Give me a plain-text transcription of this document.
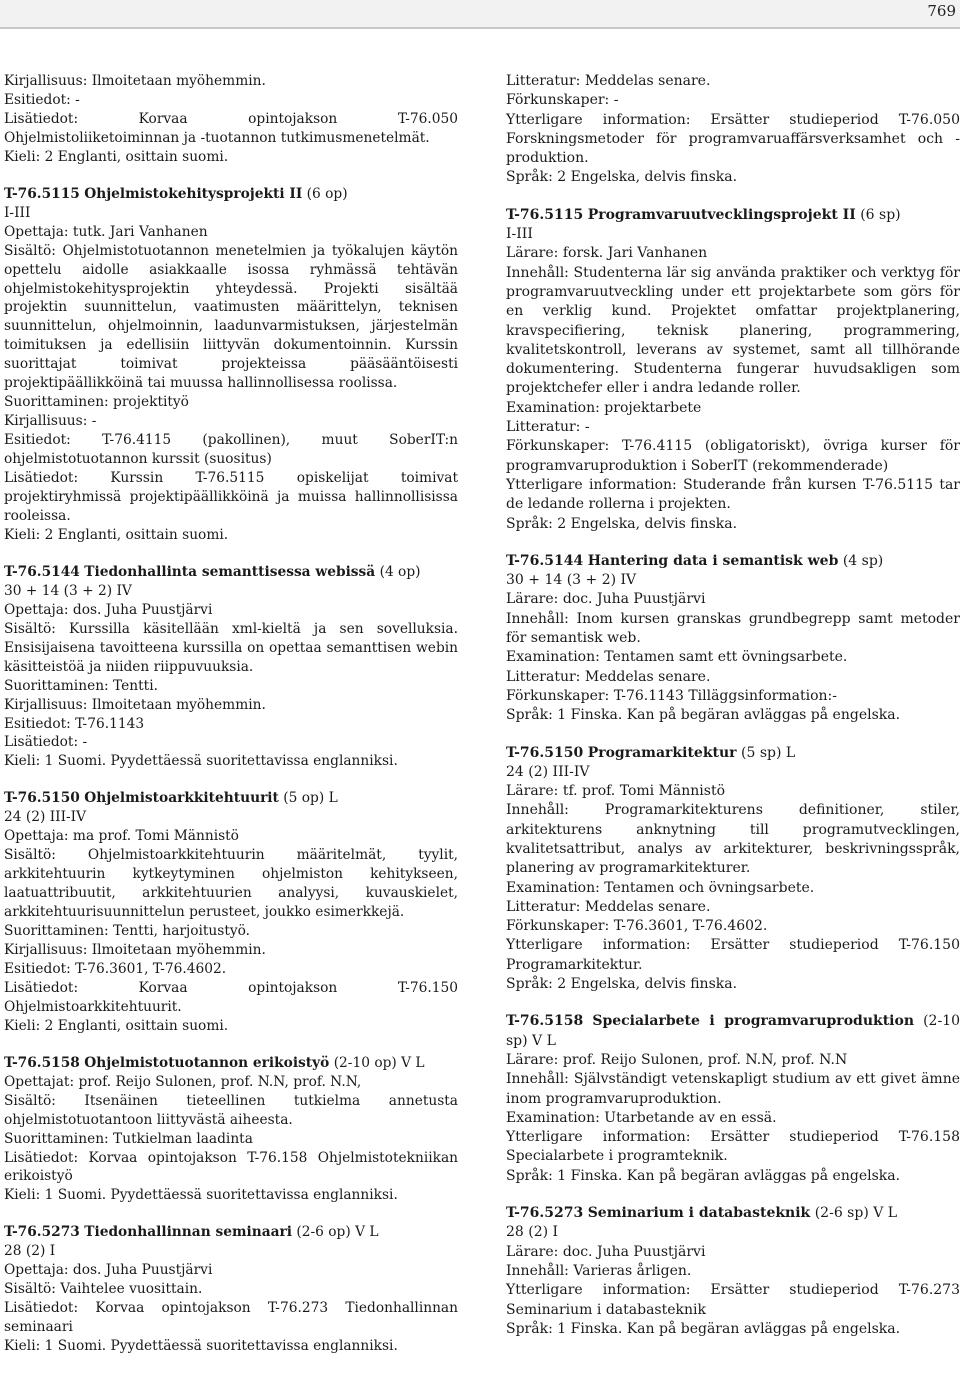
769
Kirjallisuus: Ilmoitetaan myöhemmin.
Esitiedot: -
Lisätiedot: Korvaa opintojakson T-76.050 Ohjelmistoliiketoiminnan ja -tuotannon tutkimusmenetelmät.
Kieli: 2 Englanti, osittain suomi.
T-76.5115 Ohjelmistokehitysprojekti II (6 op)
I-III
Opettaja: tutk. Jari Vanhanen
Sisältö: Ohjelmistotuotannon menetelmien ja työkalujen käytön opettelu aidolle asiakkaalle isossa ryhmässä tehtävän ohjelmistokehitysprojektin yhteydessä. Projekti sisältää projektin suunnittelun, vaatimusten määrittelyn, teknisen suunnittelun, ohjelmoinnin, laadunvarmistuksen, järjestelmän toimituksen ja edellisiin liittyvän dokumentoinnin. Kurssin suorittajat toimivat projekteissa pääsääntöisesti projektipäällikköinä tai muussa hallinnollisessa roolissa.
Suorittaminen: projektityö
Kirjallisuus: -
Esitiedot: T-76.4115 (pakollinen), muut SoberIT:n ohjelmistotuotannon kurssit (suositus)
Lisätiedot: Kurssin T-76.5115 opiskelijat toimivat projektiryhmissä projektipäällikköinä ja muissa hallinnollisissa rooleissa.
Kieli: 2 Englanti, osittain suomi.
T-76.5144 Tiedonhallinta semanttisessa webissä (4 op)
30 + 14 (3 + 2) IV
Opettaja: dos. Juha Puustjärvi
Sisältö: Kurssilla käsitellään xml-kieltä ja sen sovelluksia. Ensisijaisena tavoitteena kurssilla on opettaa semanttisen webin käsitteistöä ja niiden riippuvuuksia.
Suorittaminen: Tentti.
Kirjallisuus: Ilmoitetaan myöhemmin.
Esitiedot: T-76.1143
Lisätiedot: -
Kieli: 1 Suomi. Pyydettäessä suoritettavissa englanniksi.
T-76.5150 Ohjelmistoarkkitehtuurit (5 op) L
24 (2) III-IV
Opettaja: ma prof. Tomi Männistö
Sisältö: Ohjelmistoarkkitehtuurin määritelmät, tyylit, arkkitehtuurin kytkeytyminen ohjelmiston kehitykseen, laatuattribuutit, arkkitehtuurien analyysi, kuvauskielet, arkkitehtuurisuunnittelun perusteet, joukko esimerkkejä.
Suorittaminen: Tentti, harjoitustyö.
Kirjallisuus: Ilmoitetaan myöhemmin.
Esitiedot: T-76.3601, T-76.4602.
Lisätiedot: Korvaa opintojakson T-76.150 Ohjelmistoarkkitehtuurit.
Kieli: 2 Englanti, osittain suomi.
T-76.5158 Ohjelmistotuotannon erikoistyö (2-10 op) V L
Opettajat: prof. Reijo Sulonen, prof. N.N, prof. N.N,
Sisältö: Itsenäinen tieteellinen tutkielma annetusta ohjelmistotuotantoon liittyvästä aiheesta.
Suorittaminen: Tutkielman laadinta
Lisätiedot: Korvaa opintojakson T-76.158 Ohjelmistotekniikan erikoistyö
Kieli: 1 Suomi. Pyydettäessä suoritettavissa englanniksi.
T-76.5273 Tiedonhallinnan seminaari (2-6 op) V L
28 (2) I
Opettaja: dos. Juha Puustjärvi
Sisältö: Vaihtelee vuosittain.
Lisätiedot: Korvaa opintojakson T-76.273 Tiedonhallinnan seminaari
Kieli: 1 Suomi. Pyydettäessä suoritettavissa englanniksi.
Litteratur: Meddelas senare.
Förkunskaper: -
Ytterligare information: Ersätter studieperiod T-76.050 Forskningsmetoder för programvaruaffärsverksamhet och -produktion.
Språk: 2 Engelska, delvis finska.
T-76.5115 Programvaruutvecklingsprojekt II (6 sp)
I-III
Lärare: forsk. Jari Vanhanen
Innehåll: Studenterna lär sig använda praktiker och verktyg för programvaruutveckling under ett projektarbete som görs för en verklig kund. Projektet omfattar projektplanering, kravspecifiering, teknisk planering, programmering, kvalitetskontroll, leverans av systemet, samt all tillhörande dokumentering. Studenterna fungerar huvudsakligen som projektchefer eller i andra ledande roller.
Examination: projektarbete
Litteratur: -
Förkunskaper: T-76.4115 (obligatoriskt), övriga kurser för programvaruproduktion i SoberIT (rekommenderade)
Ytterligare information: Studerande från kursen T-76.5115 tar de ledande rollerna i projekten.
Språk: 2 Engelska, delvis finska.
T-76.5144 Hantering data i semantisk web (4 sp)
30 + 14 (3 + 2) IV
Lärare: doc. Juha Puustjärvi
Innehåll: Inom kursen granskas grundbegrepp samt metoder för semantisk web.
Examination: Tentamen samt ett övningsarbete.
Litteratur: Meddelas senare.
Förkunskaper: T-76.1143 Tilläggsinformation:-
Språk: 1 Finska. Kan på begäran avläggas på engelska.
T-76.5150 Programarkitektur (5 sp) L
24 (2) III-IV
Lärare: tf. prof. Tomi Männistö
Innehåll: Programarkitekturens definitioner, stiler, arkitekturens anknytning till programutvecklingen, kvalitetsattribut, analys av arkitekturer, beskrivningsspråk, planering av programarkitekturer.
Examination: Tentamen och övningsarbete.
Litteratur: Meddelas senare.
Förkunskaper: T-76.3601, T-76.4602.
Ytterligare information: Ersätter studieperiod T-76.150 Programarkitektur.
Språk: 2 Engelska, delvis finska.
T-76.5158 Specialarbete i programvaruproduktion (2-10 sp) V L
Lärare: prof. Reijo Sulonen, prof. N.N, prof. N.N
Innehåll: Självständigt vetenskapligt studium av ett givet ämne inom programvaruproduktion.
Examination: Utarbetande av en essä.
Ytterligare information: Ersätter studieperiod T-76.158 Specialarbete i programteknik.
Språk: 1 Finska. Kan på begäran avläggas på engelska.
T-76.5273 Seminarium i databasteknik (2-6 sp) V L
28 (2) I
Lärare: doc. Juha Puustjärvi
Innehåll: Varieras årligen.
Ytterligare information: Ersätter studieperiod T-76.273 Seminarium i databasteknik
Språk: 1 Finska. Kan på begäran avläggas på engelska.
